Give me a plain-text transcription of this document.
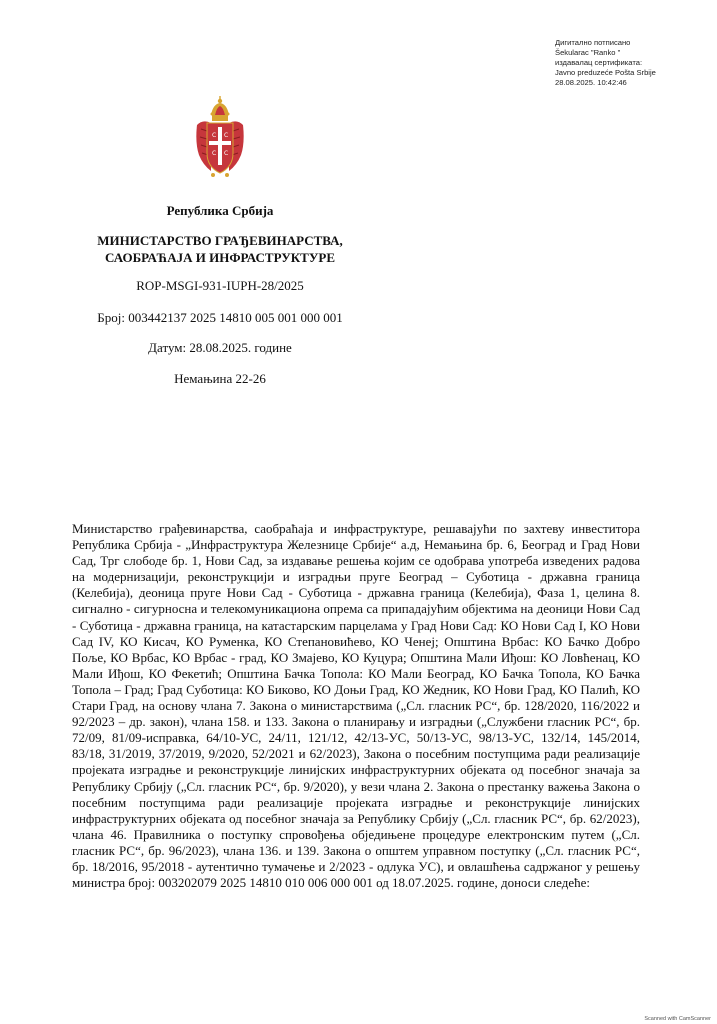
Дигитално потписано
Šekularac "Ranko "
издавалац сертификата:
Javno preduzeće Pošta Srbije
28.08.2025. 10:42:46
С С
С С
Република Србија
МИНИСТАРСТВО ГРАЂЕВИНАРСТВА,
САОБРАЋАЈА И ИНФРАСТРУКТУРЕ
ROP-MSGI-931-IUPH-28/2025
Број: 003442137 2025 14810 005 001 000 001
Датум: 28.08.2025. године
Немањина 22-26
Министарство грађевинарства, саобраћаја и инфраструктуре, решавајући по захтеву инвеститора Република Србија - „Инфраструктура Железнице Србије“ а.д, Немањина бр. 6, Београд и Град Нови Сад, Трг слободе бр. 1, Нови Сад, за издавање решења којим се одобрава употреба изведених радова на модернизацији, реконструкцији и изградњи пруге Београд – Суботица - државна граница (Келебија), деоница пруге Нови Сад - Суботица - државна граница (Келебија), Фаза 1, целина 8. сигнално - сигурносна и телекомуникациона опрема са припадајућим објектима на деоници Нови Сад - Суботица - државна граница, на катастарским парцелама у Град Нови Сад: КО Нови Сад I, КО Нови Сад IV, КО Кисач, КО Руменка, КО Степановићево, КО Ченеј; Општина Врбас: КО Бачко Добро Поље, КО Врбас, КО Врбас - град, КО Змајево, КО Куцура; Општина Мали Иђош: КО Ловћенац, КО Мали Иђош, КО Фекетић; Општина Бачка Топола: КО Мали Београд, КО Бачка Топола, КО Бачка Топола – Град; Град Суботица: КО Биково, КО Доњи Град, КО Жедник, КО Нови Град, КО Палић, КО Стари Град, на основу члана 7. Закона о министарствима („Сл. гласник РС“, бр. 128/2020, 116/2022 и 92/2023 – др. закон), члана 158. и 133. Закона о планирању и изградњи („Службени гласник РС“, бр. 72/09, 81/09-исправка, 64/10-УС, 24/11, 121/12, 42/13-УС, 50/13-УС, 98/13-УС, 132/14, 145/2014, 83/18, 31/2019, 37/2019, 9/2020, 52/2021 и 62/2023), Закона о посебним поступцима ради реализације пројеката изградње и реконструкције линијских инфраструктурних објеката од посебног значаја за Републику Србију („Сл. гласник РС“, бр. 9/2020), у вези члана 2. Закона о престанку важења Закона о посебним поступцима ради реализације пројеката изградње и реконструкције линијских инфраструктурних објеката од посебног значаја за Републику Србију („Сл. гласник РС“, бр. 62/2023), члана 46. Правилника о поступку спровођења обједињене процедуре електронским путем („Сл. гласник РС“, бр. 96/2023), члана 136. и 139. Закона о општем управном поступку („Сл. гласник РС“, бр. 18/2016, 95/2018 - аутентично тумачење и 2/2023 - одлука УС), и овлашћења садржаног у решењу министра број: 003202079 2025 14810 010 006 000 001 од 18.07.2025. године, доноси следеће:
Scanned with CamScanner
